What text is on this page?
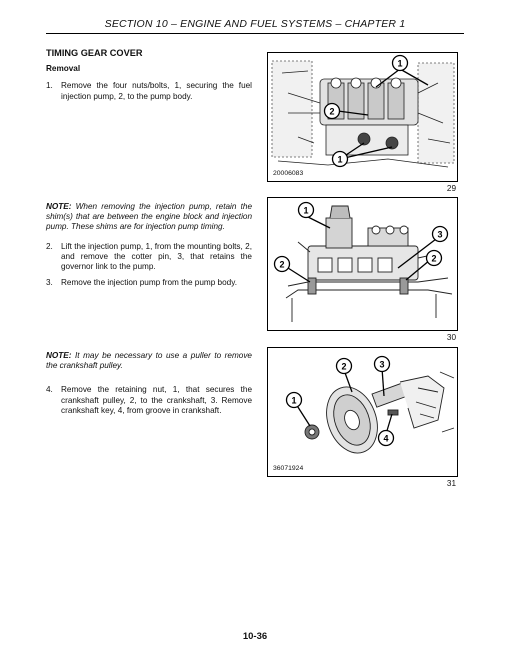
SECTION 10 – ENGINE AND FUEL SYSTEMS – CHAPTER 1
TIMING GEAR COVER
Removal
1. Remove the four nuts/bolts, 1, securing the fuel injection pump, 2, to the pump body.
1
2
1
20006083
29
NOTE: When removing the injection pump, retain the shim(s) that are between the engine block and injection pump. These shims are for injection pump timing.
2. Lift the injection pump, 1, from the mounting bolts, 2, and remove the cotter pin, 3, that retains the governor link to the pump.
3. Remove the injection pump from the pump body.
1
3
2
2
30
NOTE: It may be necessary to use a puller to remove the crankshaft pulley.
4. Remove the retaining nut, 1, that secures the crankshaft pulley, 2, to the crankshaft, 3. Remove crankshaft key, 4, from groove in crankshaft.
2	3
1
4
36071924
31
10-36
